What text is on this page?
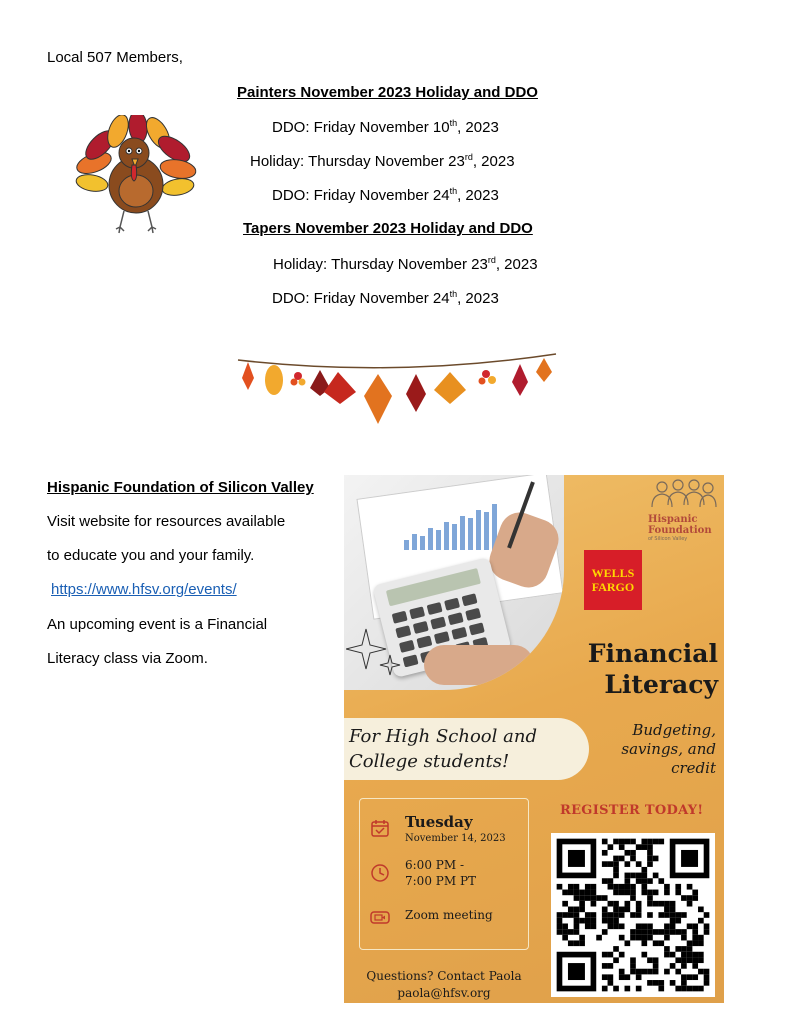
Local 507 Members,
Painters November 2023 Holiday and DDO
DDO: Friday November 10th, 2023
Holiday: Thursday November 23rd, 2023
DDO: Friday November 24th, 2023
Tapers November 2023 Holiday and DDO
Holiday: Thursday November 23rd, 2023
DDO: Friday November 24th, 2023
Hispanic Foundation of Silicon Valley
Visit website for resources available
to educate you and your family.
https://www.hfsv.org/events/
An upcoming event is a Financial
Literacy class via Zoom.
Hispanic
Foundation
of Silicon Valley
WELLS
FARGO
Financial
Literacy
For High School and
College students!
Budgeting,
savings, and
credit
Tuesday
November 14, 2023
6:00 PM -
7:00 PM PT
Zoom meeting
REGISTER TODAY!
Questions? Contact Paola
paola@hfsv.org
